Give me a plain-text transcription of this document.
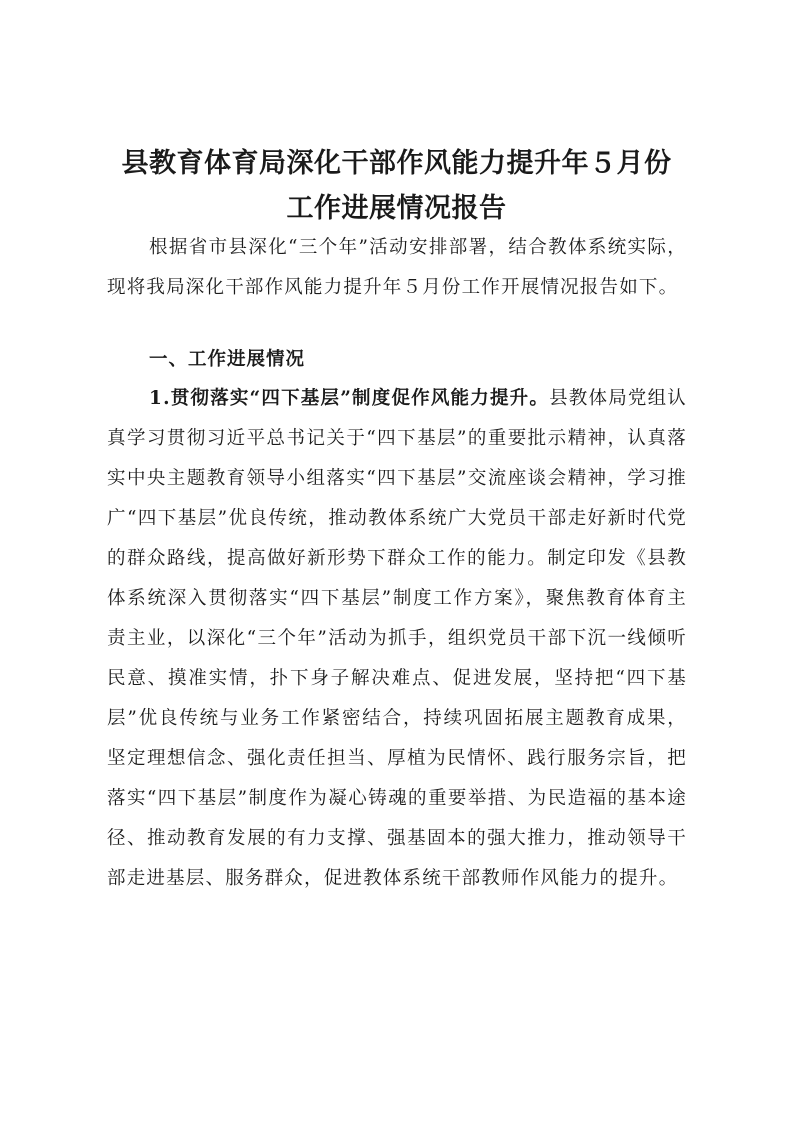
县教育体育局深化干部作风能力提升年５月份
工作进展情况报告
根据省市县深化“三个年”活动安排部署，结合教体系统实际，现将我局深化干部作风能力提升年５月份工作开展情况报告如下。
一、工作进展情况
1.贯彻落实“四下基层”制度促作风能力提升。县教体局党组认真学习贯彻习近平总书记关于“四下基层”的重要批示精神，认真落实中央主题教育领导小组落实“四下基层”交流座谈会精神，学习推广“四下基层”优良传统，推动教体系统广大党员干部走好新时代党的群众路线，提高做好新形势下群众工作的能力。制定印发《县教体系统深入贯彻落实“四下基层”制度工作方案》，聚焦教育体育主责主业，以深化“三个年”活动为抓手，组织党员干部下沉一线倾听民意、摸准实情，扑下身子解决难点、促进发展，坚持把“四下基层”优良传统与业务工作紧密结合，持续巩固拓展主题教育成果，坚定理想信念、强化责任担当、厚植为民情怀、践行服务宗旨，把落实“四下基层”制度作为凝心铸魂的重要举措、为民造福的基本途径、推动教育发展的有力支撑、强基固本的强大推力，推动领导干部走进基层、服务群众，促进教体系统干部教师作风能力的提升。
